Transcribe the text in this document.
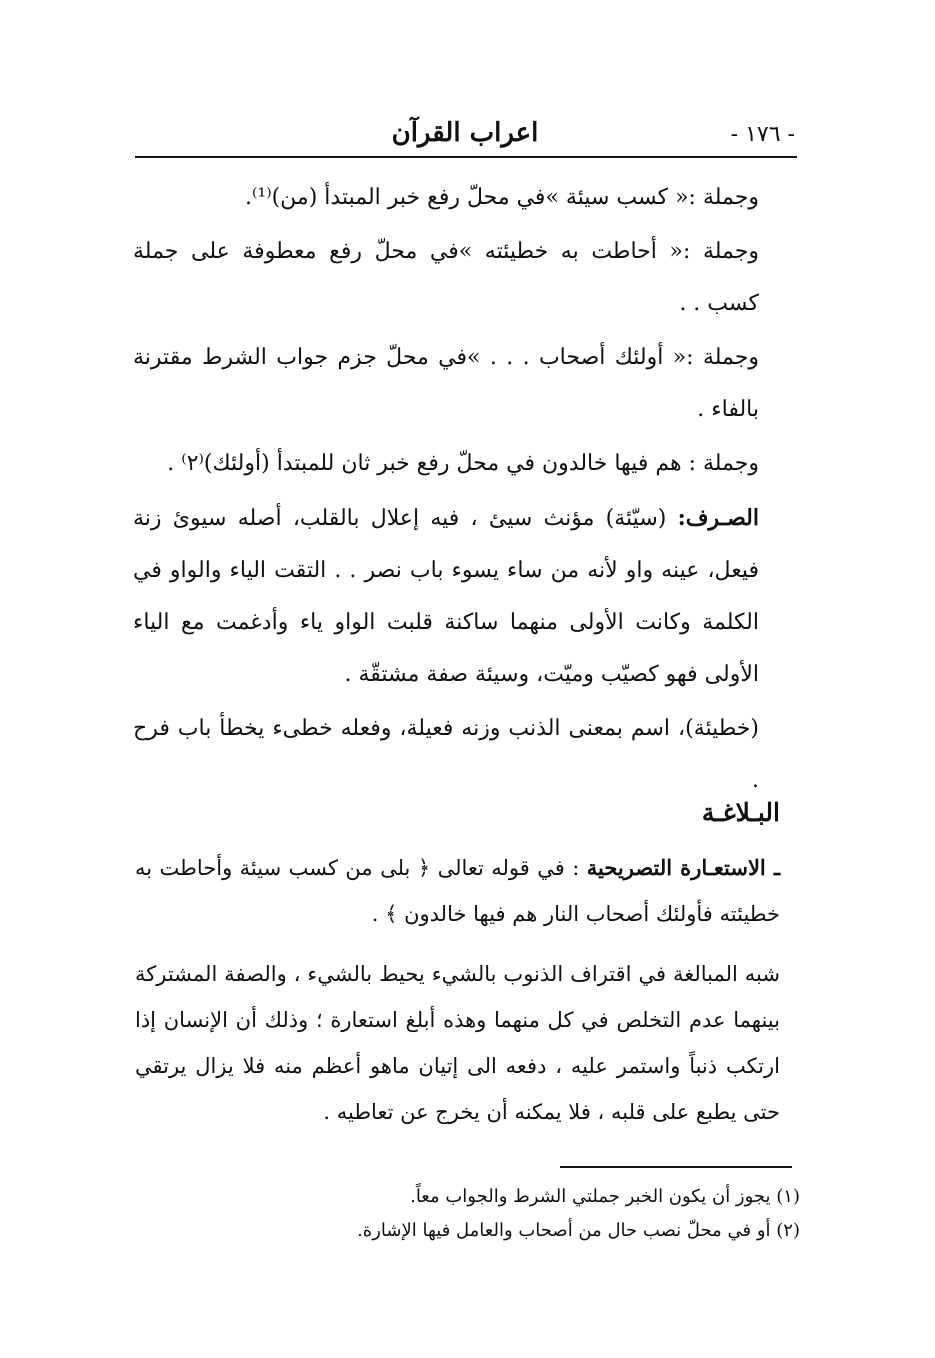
- ١٧٦ -
اعراب القرآن

وجملة :« كسب سيئة »في محلّ رفع خبر المبتدأ (من)⁽¹⁾.

وجملة :« أحاطت به خطيئته »في محلّ رفع معطوفة على جملة كسب . .

وجملة :« أولئك أصحاب . . . »في محلّ جزم جواب الشرط مقترنة بالفاء .

وجملة : هم فيها خالدون في محلّ رفع خبر ثان للمبتدأ (أولئك)⁽٢⁾ .

الصـرف: (سيّئة) مؤنث سيئ ، فيه إعلال بالقلب، أصله سيوئ زنة فيعل، عينه واو لأنه من ساء يسوء باب نصر . . التقت الياء والواو في الكلمة وكانت الأولى منهما ساكنة قلبت الواو ياء وأدغمت مع الياء الأولى فهو كصيّب وميّت، وسيئة صفة مشتقّة .

(خطيئة)، اسم بمعنى الذنب وزنه فعيلة، وفعله خطىء يخطأ باب فرح .

البـلاغـة

ـ الاستعـارة التصريحية : في قوله تعالى ﴿ بلى من كسب سيئة وأحاطت به خطيئته فأولئك أصحاب النار هم فيها خالدون ﴾ .

شبه المبالغة في اقتراف الذنوب بالشيء يحيط بالشيء ، والصفة المشتركة بينهما عدم التخلص في كل منهما وهذه أبلغ استعارة ؛ وذلك أن الإنسان إذا ارتكب ذنباً واستمر عليه ، دفعه الى إتيان ماهو أعظم منه فلا يزال يرتقي حتى يطبع على قلبه ، فلا يمكنه أن يخرج عن تعاطيه .

(١) يجوز أن يكون الخبر جملتي الشرط والجواب معاً.

(٢) أو في محلّ نصب حال من أصحاب والعامل فيها الإشارة.
